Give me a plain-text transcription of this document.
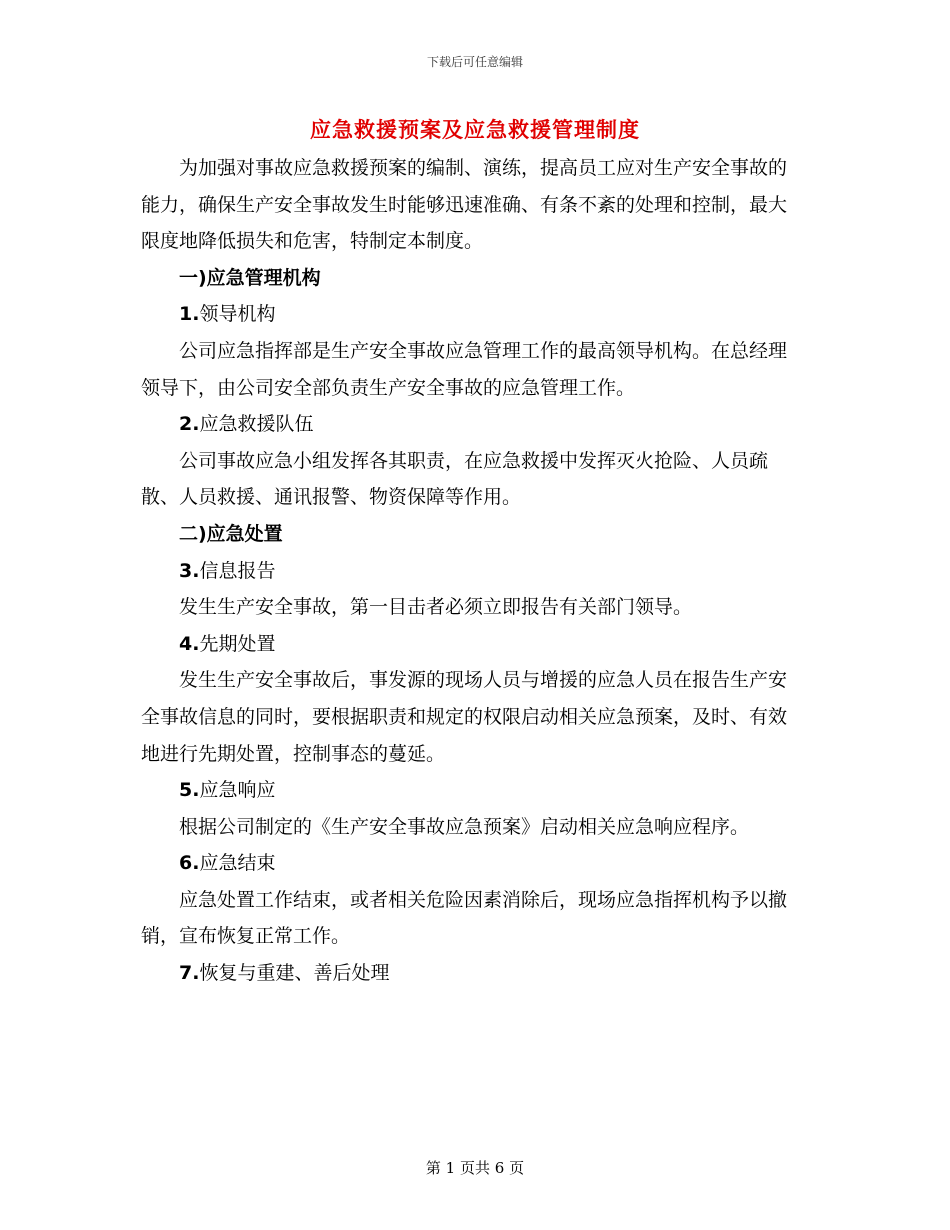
下载后可任意编辑
应急救援预案及应急救援管理制度

为加强对事故应急救援预案的编制、演练，提高员工应对生产安全事故的能力，确保生产安全事故发生时能够迅速准确、有条不紊的处理和控制，最大限度地降低损失和危害，特制定本制度。

一)应急管理机构

1.领导机构

公司应急指挥部是生产安全事故应急管理工作的最高领导机构。在总经理领导下，由公司安全部负责生产安全事故的应急管理工作。

2.应急救援队伍

公司事故应急小组发挥各其职责，在应急救援中发挥灭火抢险、人员疏散、人员救援、通讯报警、物资保障等作用。

二)应急处置

3.信息报告

发生生产安全事故，第一目击者必须立即报告有关部门领导。

4.先期处置

发生生产安全事故后，事发源的现场人员与增援的应急人员在报告生产安全事故信息的同时，要根据职责和规定的权限启动相关应急预案，及时、有效地进行先期处置，控制事态的蔓延。

5.应急响应

根据公司制定的《生产安全事故应急预案》启动相关应急响应程序。

6.应急结束

应急处置工作结束，或者相关危险因素消除后，现场应急指挥机构予以撤销，宣布恢复正常工作。

7.恢复与重建、善后处理

第 1 页共 6 页
